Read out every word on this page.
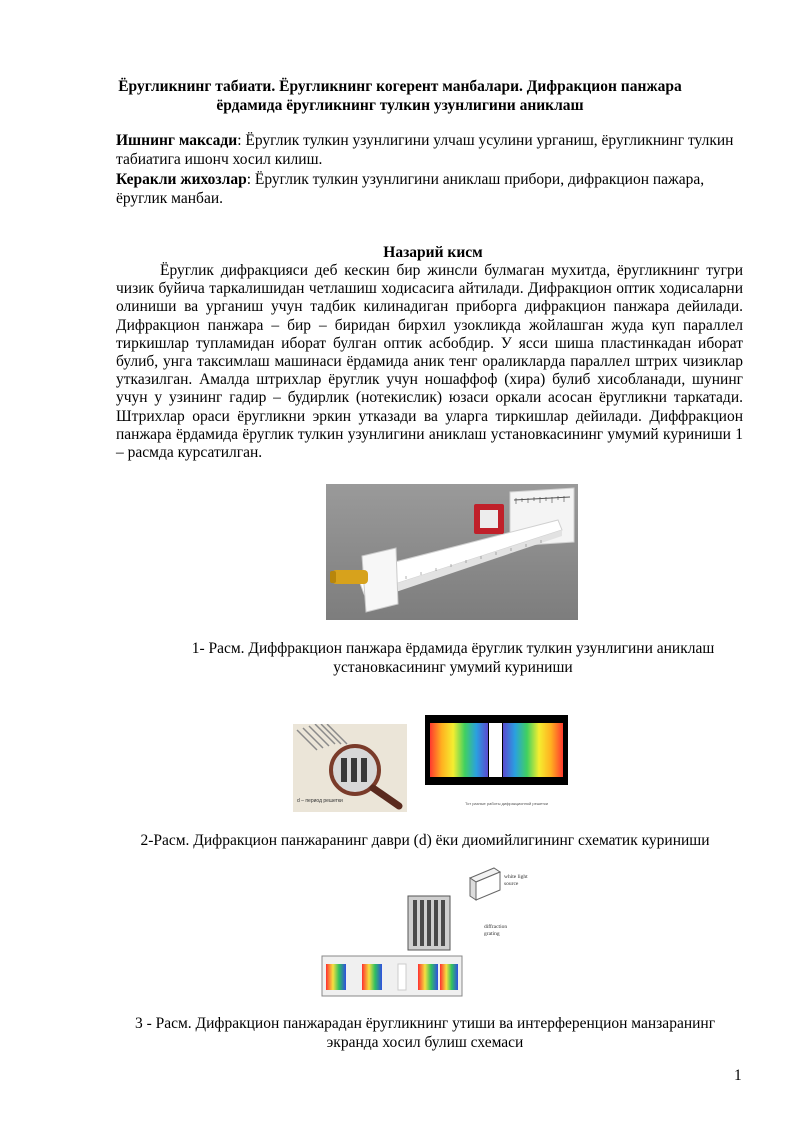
Ёругликнинг табиати. Ёругликнинг когерент манбалари. Дифракцион панжара ёрдамида ёругликнинг тулкин узунлигини аниклаш
Ишнинг максади: Ёруглик тулкин узунлигини улчаш усулини урганиш, ёругликнинг тулкин табиатига ишонч хосил килиш.
Керакли жихозлар: Ёруглик тулкин узунлигини аниклаш прибори, дифракцион пажара, ёруглик манбаи.
Назарий кисм
Ёруглик дифракцияси деб кескин бир жинсли булмаган мухитда, ёругликнинг тугри чизик буйича таркалишидан четлашиш ходисасига айтилади. Дифракцион оптик ходисаларни олиниши ва урганиш учун тадбик килинадиган приборга дифракцион панжара дейилади. Дифракцион панжара – бир – биридан бирхил узокликда жойлашган жуда куп параллел тиркишлар тупламидан иборат булган оптик асбобдир. У ясси шиша пластинкадан иборат булиб, унга таксимлаш машинаси ёрдамида аник тенг ораликларда параллел штрих чизиклар утказилган. Амалда штрихлар ёруглик учун ношаффоф (хира) булиб хисобланади, шунинг учун у узининг гадир – будирлик (нотекислик) юзаси оркали асосан ёругликни таркатади. Штрихлар ораси ёругликни эркин утказади ва уларга тиркишлар дейилади. Диффракцион панжара ёрдамида ёруглик тулкин узунлигини аниклаш установкасининг умумий куриниши 1 – расмда курсатилган.
1- Расм. Диффракцион панжара ёрдамида ёруглик тулкин узунлигини аниклаш установкасининг умумий куриниши
d – период решетки	Тот разные работы дифракционной решетки
2-Расм. Дифракцион панжаранинг даври (d) ёки диомийлигининг схематик куриниши
white light source
diffraction grating
3 - Расм. Дифракцион панжарадан ёругликнинг утиши ва интерференцион манзаранинг экранда хосил булиш схемаси
1
